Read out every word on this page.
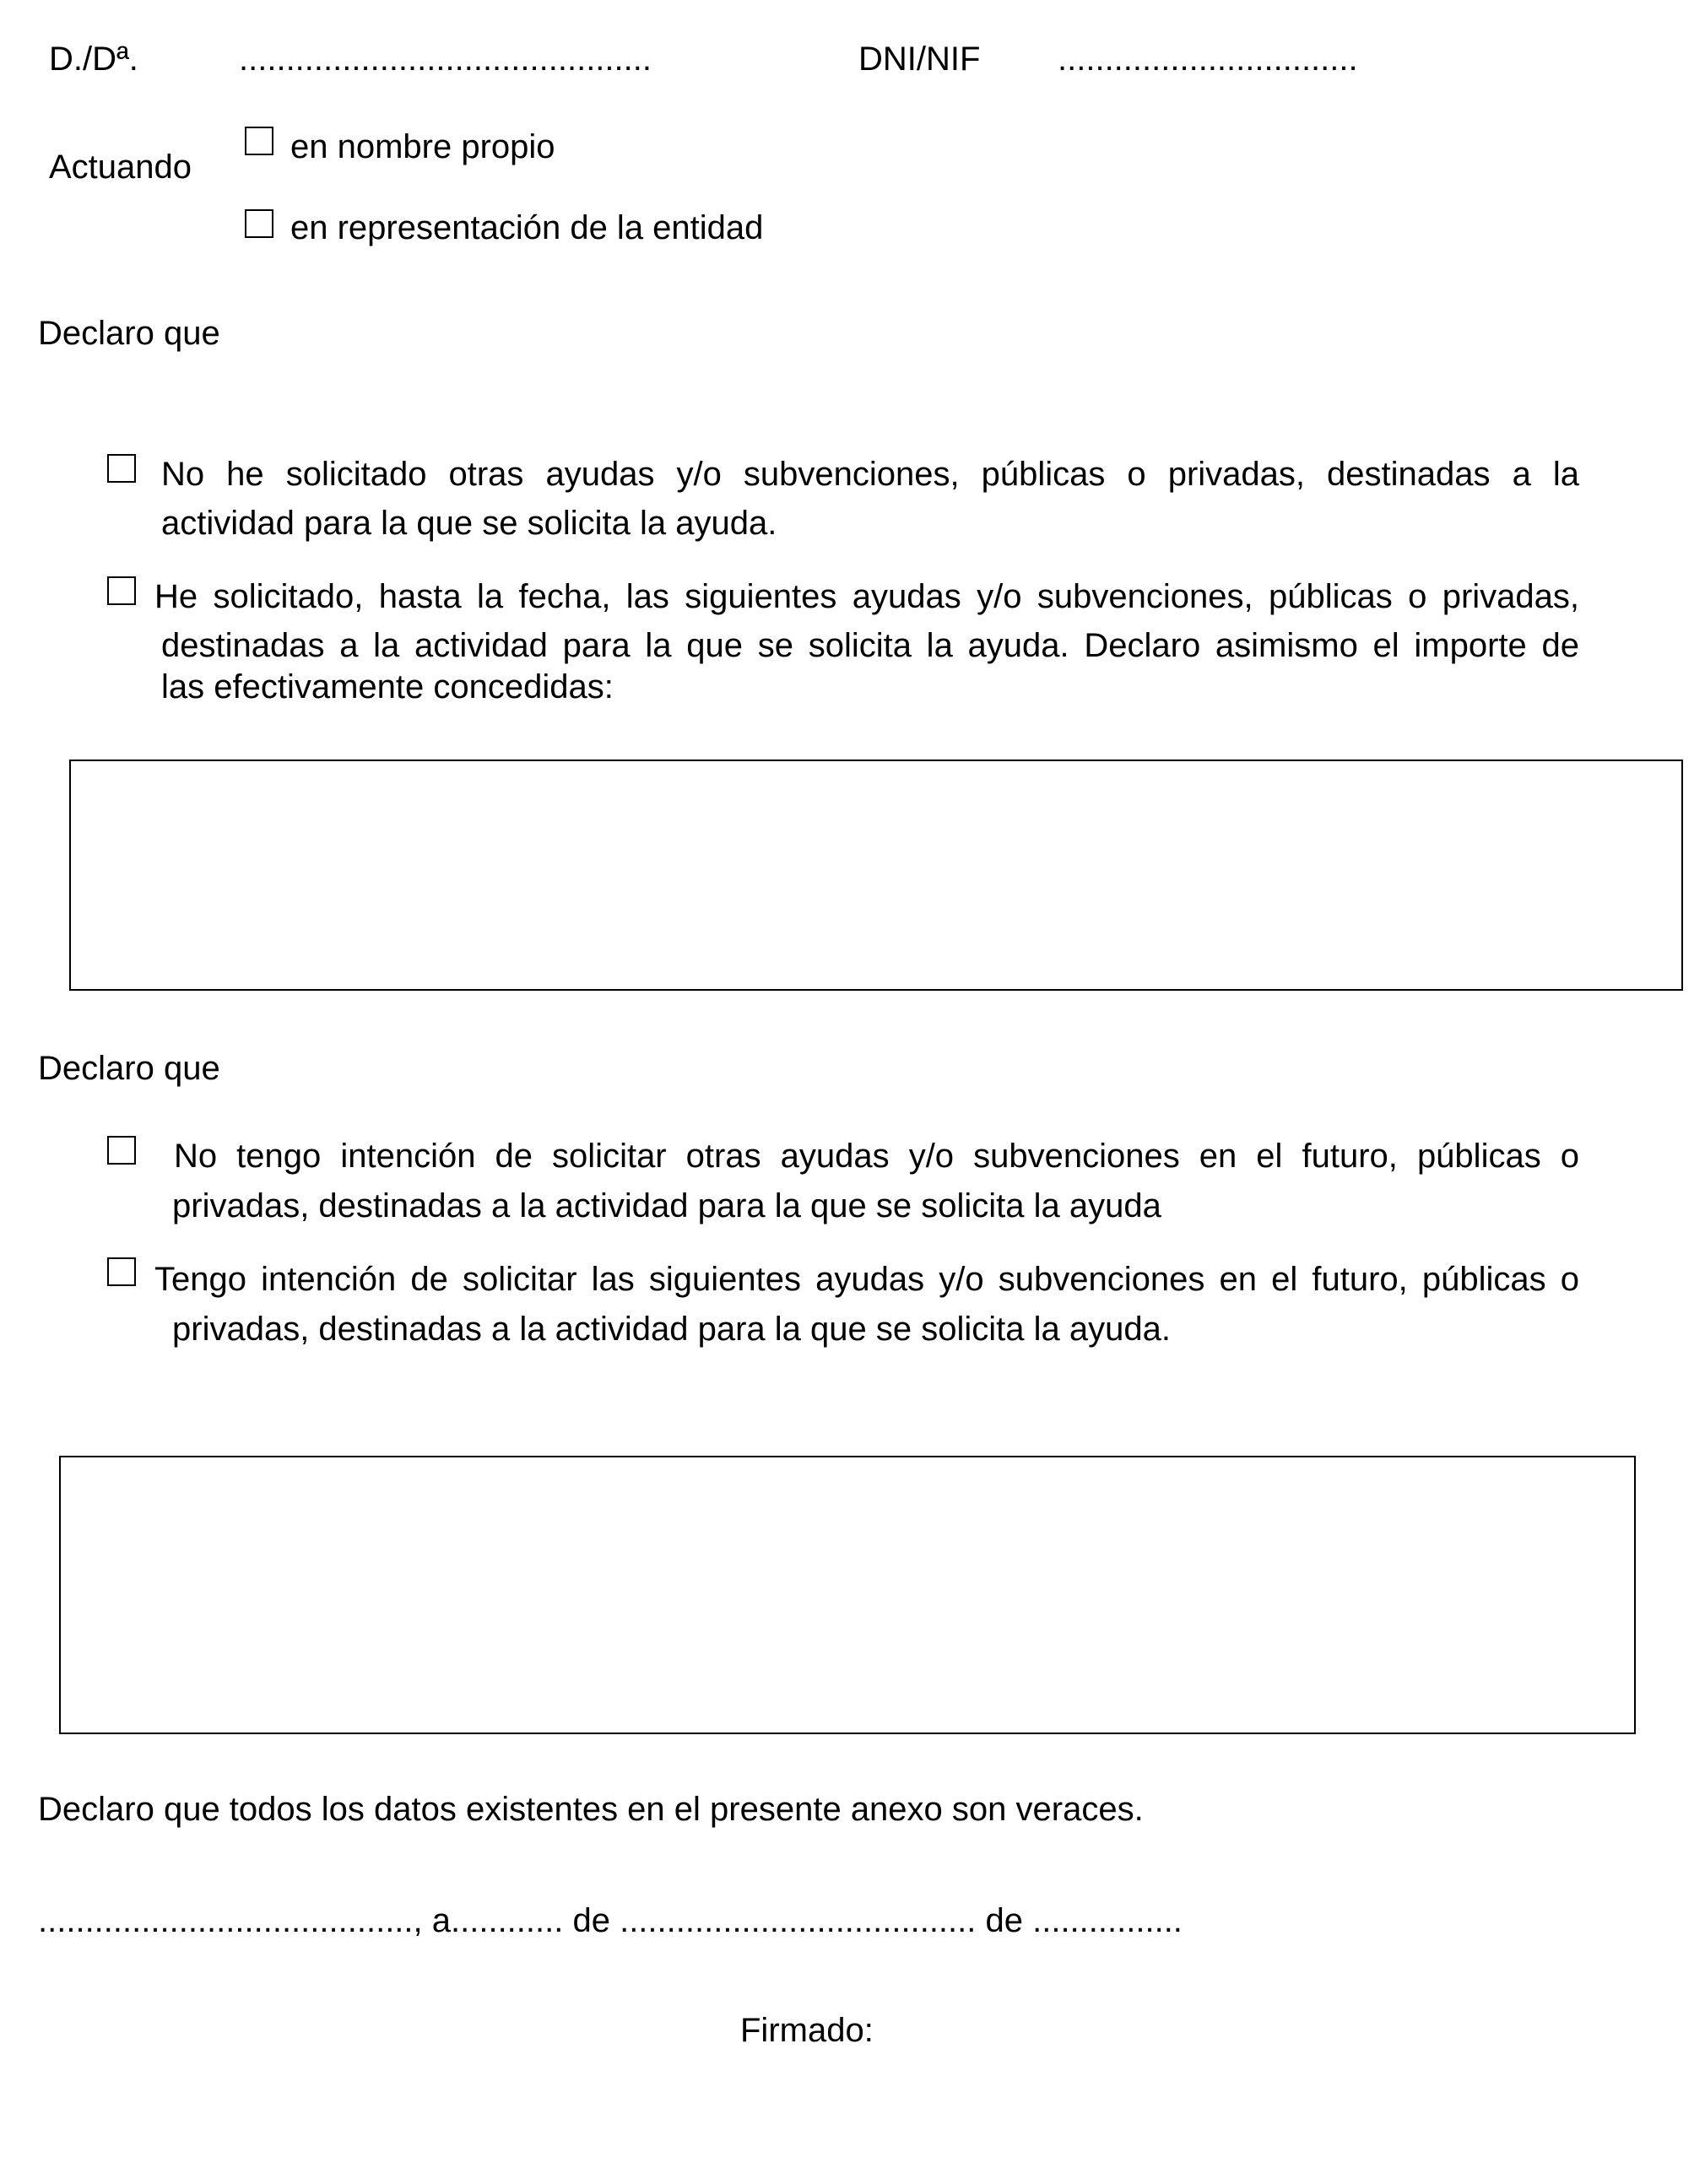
D./Dª.	............................................	DNI/NIF ................................
Actuando
en nombre propio
en representación de la entidad
Declaro que
No he solicitado otras ayudas y/o subvenciones, públicas o privadas, destinadas a la
actividad para la que se solicita la ayuda.
He solicitado, hasta la fecha, las siguientes ayudas y/o subvenciones, públicas o privadas,
destinadas a la actividad para la que se solicita la ayuda. Declaro asimismo el importe de
las efectivamente concedidas:
Declaro que
No tengo intención de solicitar otras ayudas y/o subvenciones en el futuro, públicas o
privadas, destinadas a la actividad para la que se solicita la ayuda
Tengo intención de solicitar las siguientes ayudas y/o subvenciones en el futuro, públicas o
privadas, destinadas a la actividad para la que se solicita la ayuda.
Declaro que todos los datos existentes en el presente anexo son veraces.
........................................, a............ de ...................................... de ................
Firmado:
